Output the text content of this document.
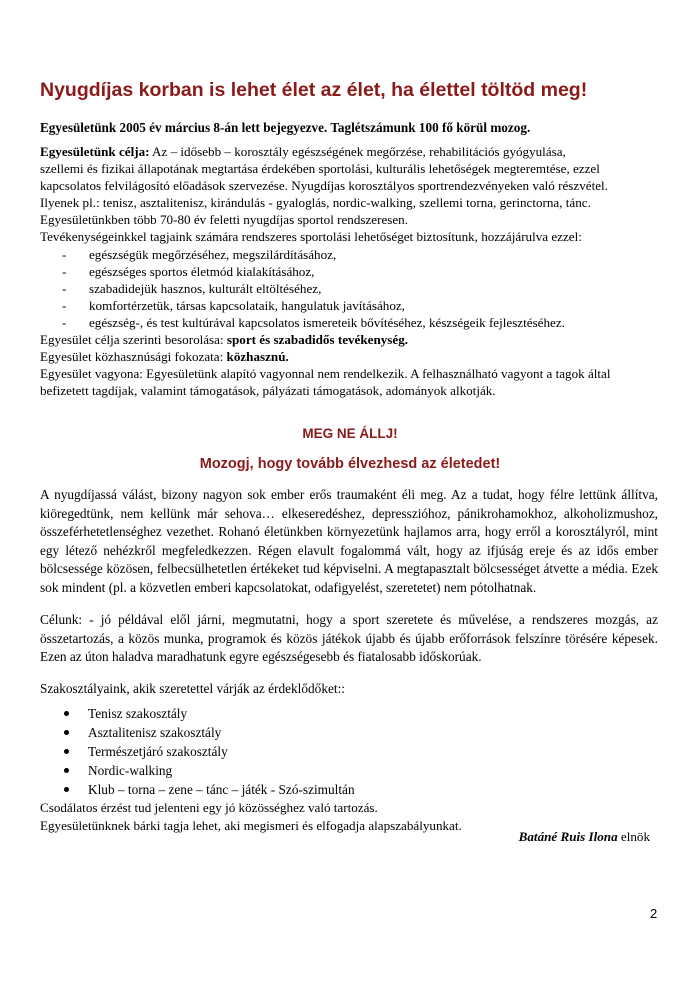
Nyugdíjas korban is lehet élet az élet, ha élettel töltöd meg!
Egyesületünk 2005 év március 8-án lett bejegyezve. Taglétszámunk 100 fő körül mozog.
Egyesületünk célja: Az – idősebb – korosztály egészségének megőrzése, rehabilitációs gyógyulása,
szellemi és fizikai állapotának megtartása érdekében sportolási, kulturális lehetőségek megteremtése, ezzel
kapcsolatos felvilágosító előadások szervezése. Nyugdíjas korosztályos sportrendezvényeken való részvétel.
Ilyenek pl.: tenisz, asztalitenisz, kirándulás - gyaloglás, nordic-walking, szellemi torna, gerinctorna, tánc.
Egyesületünkben több 70-80 év feletti nyugdíjas sportol rendszeresen.
Tevékenységeinkkel tagjaink számára rendszeres sportolási lehetőséget biztosítunk, hozzájárulva ezzel:
- egészségük megőrzéséhez, megszilárdításához,
- egészséges sportos életmód kialakításához,
- szabadidejük hasznos, kulturált eltöltéséhez,
- komfortérzetük, társas kapcsolataik, hangulatuk javításához,
- egészség-, és test kultúrával kapcsolatos ismereteik bővítéséhez, készségeik fejlesztéséhez.
Egyesület célja szerinti besorolása: sport és szabadidős tevékenység.
Egyesület közhasznúsági fokozata: közhasznú.
Egyesület vagyona: Egyesületünk alapító vagyonnal nem rendelkezik. A felhasználható vagyont a tagok által
befizetett tagdíjak, valamint támogatások, pályázati támogatások, adományok alkotják.
MEG NE ÁLLJ!
Mozogj, hogy tovább élvezhesd az életedet!
A nyugdíjassá válást, bizony nagyon sok ember erős traumaként éli meg. Az a tudat, hogy félre lettünk állítva, kiöregedtünk, nem kellünk már sehova… elkeseredéshez, depresszióhoz, pánikrohamokhoz, alkoholizmushoz, összeférhetetlenséghez vezethet. Rohanó életünkben környezetünk hajlamos arra, hogy erről a korosztályról, mint egy létező nehézkről megfeledkezzen. Régen elavult fogalommá vált, hogy az ifjúság ereje és az idős ember bölcsessége közösen, felbecsülhetetlen értékeket tud képviselni. A megtapasztalt bölcsességet átvette a média. Ezek sok mindent (pl. a közvetlen emberi kapcsolatokat, odafigyelést, szeretetet) nem pótolhatnak.
Célunk: - jó példával elől járni, megmutatni, hogy a sport szeretete és művelése, a rendszeres mozgás, az összetartozás, a közös munka, programok és közös játékok újabb és újabb erőforrások felszínre törésére képesek. Ezen az úton haladva maradhatunk egyre egészségesebb és fiatalosabb időskorúak.
Szakosztályaink, akik szeretettel várják az érdeklődőket::
Tenisz szakosztály
Asztalitenisz szakosztály
Természetjáró szakosztály
Nordic-walking
Klub – torna – zene – tánc – játék - Szó-szimultán
Csodálatos érzést tud jelenteni egy jó közösséghez való tartozás.
Egyesületünknek bárki tagja lehet, aki megismeri és elfogadja alapszabályunkat.
Batáné Ruis Ilona elnök
2
